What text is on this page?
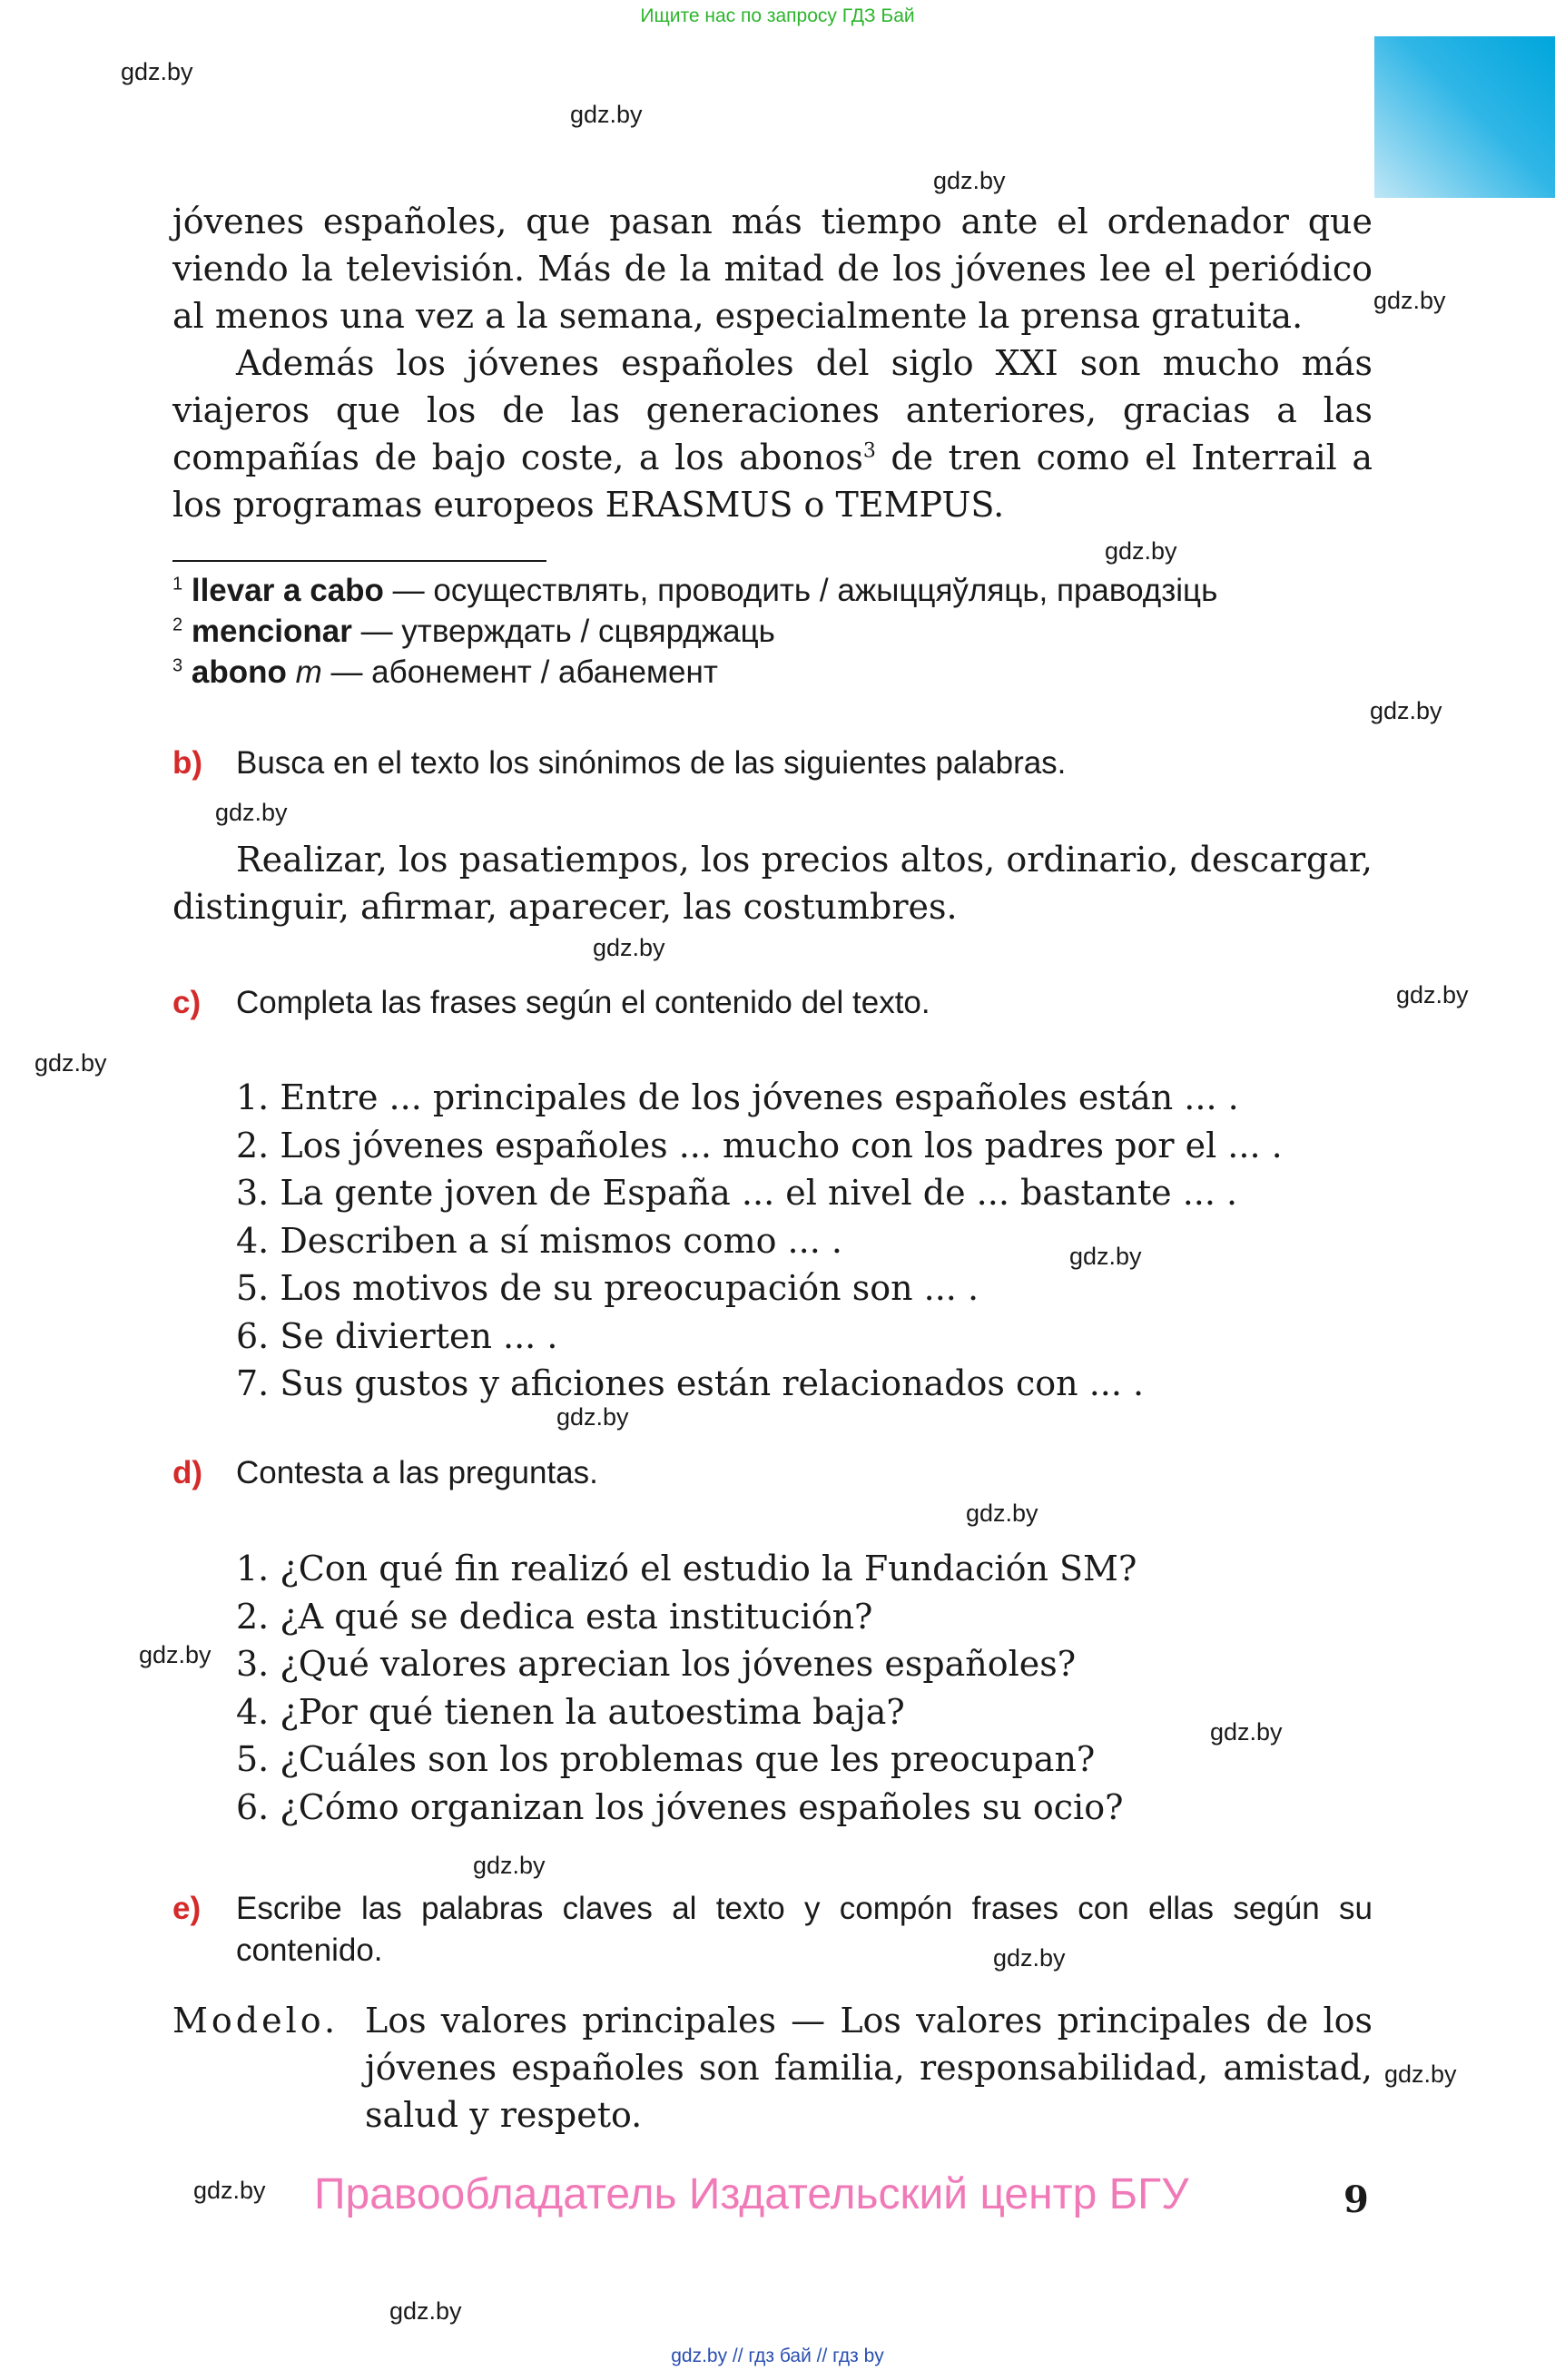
Ищите нас по запросу ГДЗ Бай
gdz.by
gdz.by
gdz.by
gdz.by
gdz.by
gdz.by
gdz.by
gdz.by
gdz.by
gdz.by
gdz.by
gdz.by
gdz.by
gdz.by
gdz.by
gdz.by
gdz.by
gdz.by
gdz.by
gdz.by

jóvenes españoles, que pasan más tiempo ante el ordenador que viendo la televisión. Más de la mitad de los jóvenes lee el periódico al menos una vez a la semana, especialmente la prensa gratuita.

Además los jóvenes españoles del siglo XXI son mucho más viajeros que los de las generaciones anteriores, gracias a las compañías de bajo coste, a los abonos$^3$ de tren como el Interrail a los programas europeos ERASMUS o TEMPUS.

$^1$ llevar a cabo — осуществлять, проводить / ажыццяўляць, праводзіць
$^2$ mencionar — утверждать / сцвярджаць
$^3$ abono m — абонемент / абанемент
b) Busca en el texto los sinónimos de las siguientes palabras.
Realizar, los pasatiempos, los precios altos, ordinario, descargar, distinguir, afirmar, aparecer, las costumbres.
c) Completa las frases según el contenido del texto.
1. Entre ... principales de los jóvenes españoles están ... .
2. Los jóvenes españoles ... mucho con los padres por el ... .
3. La gente joven de España ... el nivel de ... bastante ... .
4. Describen a sí mismos como ... .
5. Los motivos de su preocupación son ... .
6. Se divierten ... .
7. Sus gustos y aficiones están relacionados con ... .
d) Contesta a las preguntas.
1. ¿Con qué fin realizó el estudio la Fundación SM?
2. ¿A qué se dedica esta institución?
3. ¿Qué valores aprecian los jóvenes españoles?
4. ¿Por qué tienen la autoestima baja?
5. ¿Cuáles son los problemas que les preocupan?
6. ¿Cómo organizan los jóvenes españoles su ocio?
e) Escribe las palabras claves al texto y compón frases con ellas según su contenido.
Modelo. Los valores principales — Los valores principales de los jóvenes españoles son familia, responsabilidad, amistad, salud y respeto.
Правообладатель Издательский центр БГУ	9
gdz.by // гдз бай // гдз by
